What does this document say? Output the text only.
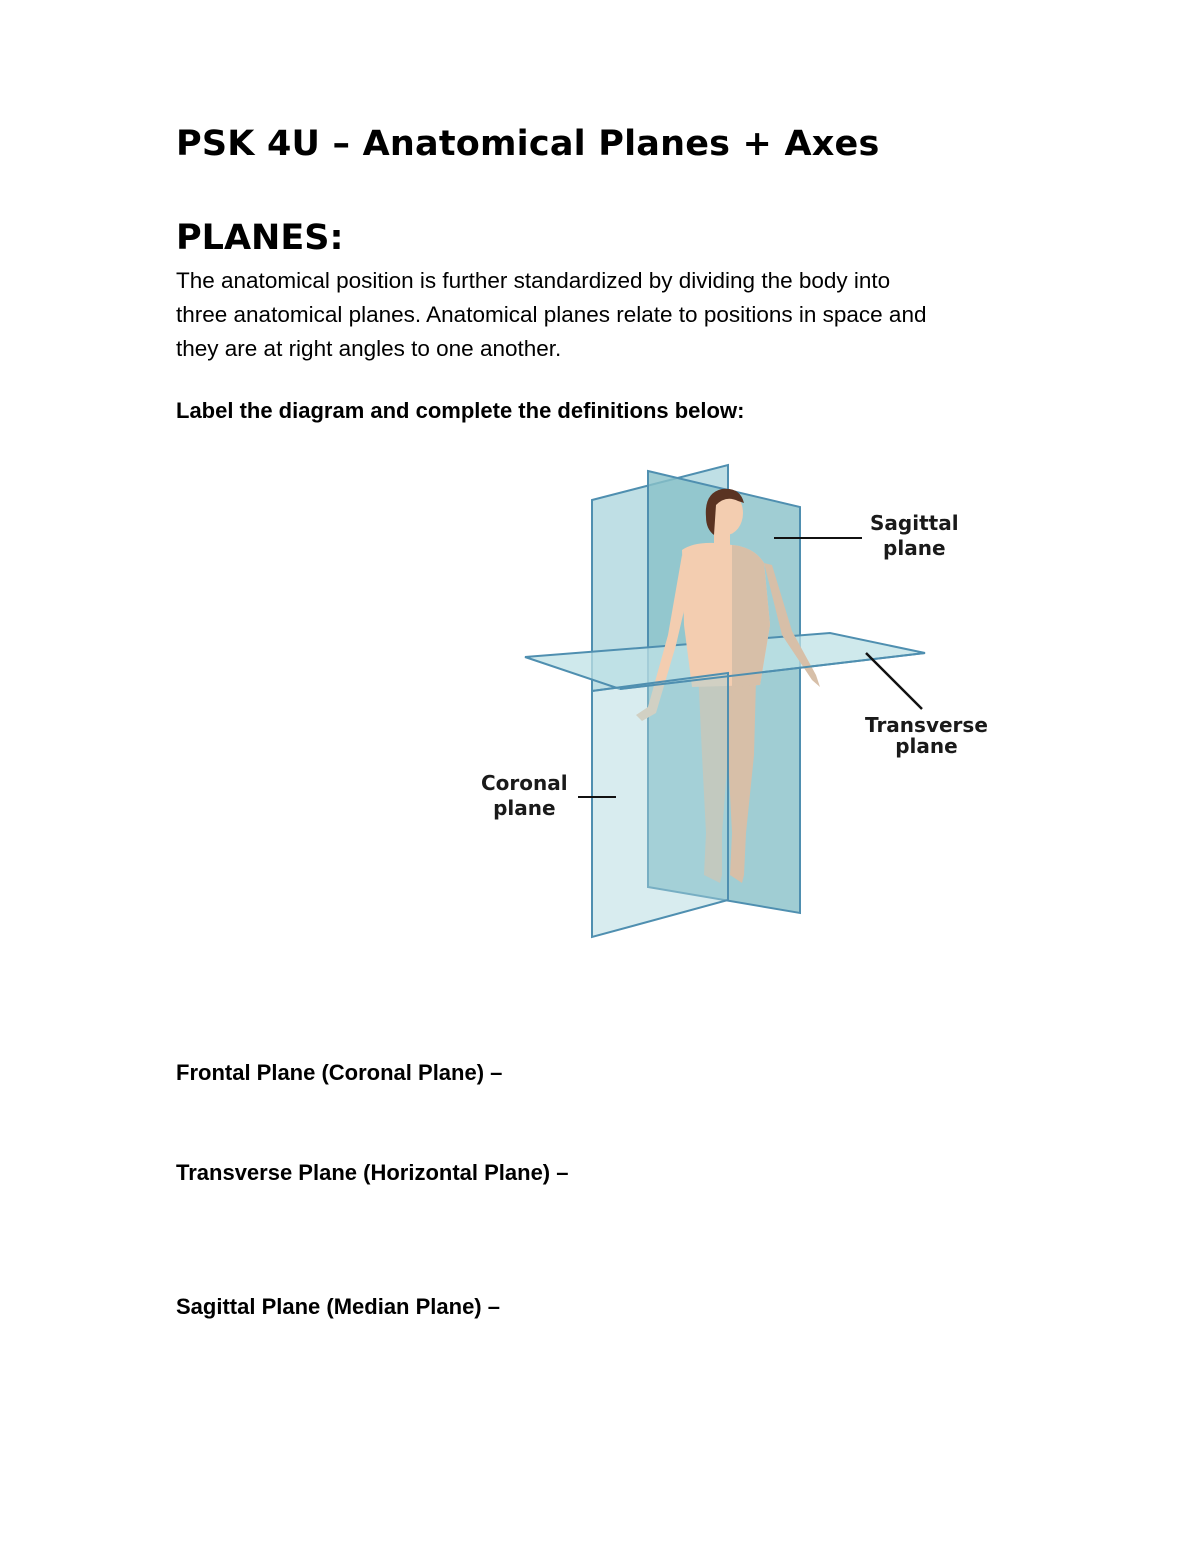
PSK 4U – Anatomical Planes + Axes
PLANES:
The anatomical position is further standardized by dividing the body into
three anatomical planes. Anatomical planes relate to positions in space and
they are at right angles to one another.
Label the diagram and complete the definitions below:
Sagittal
plane
Transverse
plane
Coronal
plane
Frontal Plane (Coronal Plane) –
Transverse Plane (Horizontal Plane) –
Sagittal Plane (Median Plane) –
